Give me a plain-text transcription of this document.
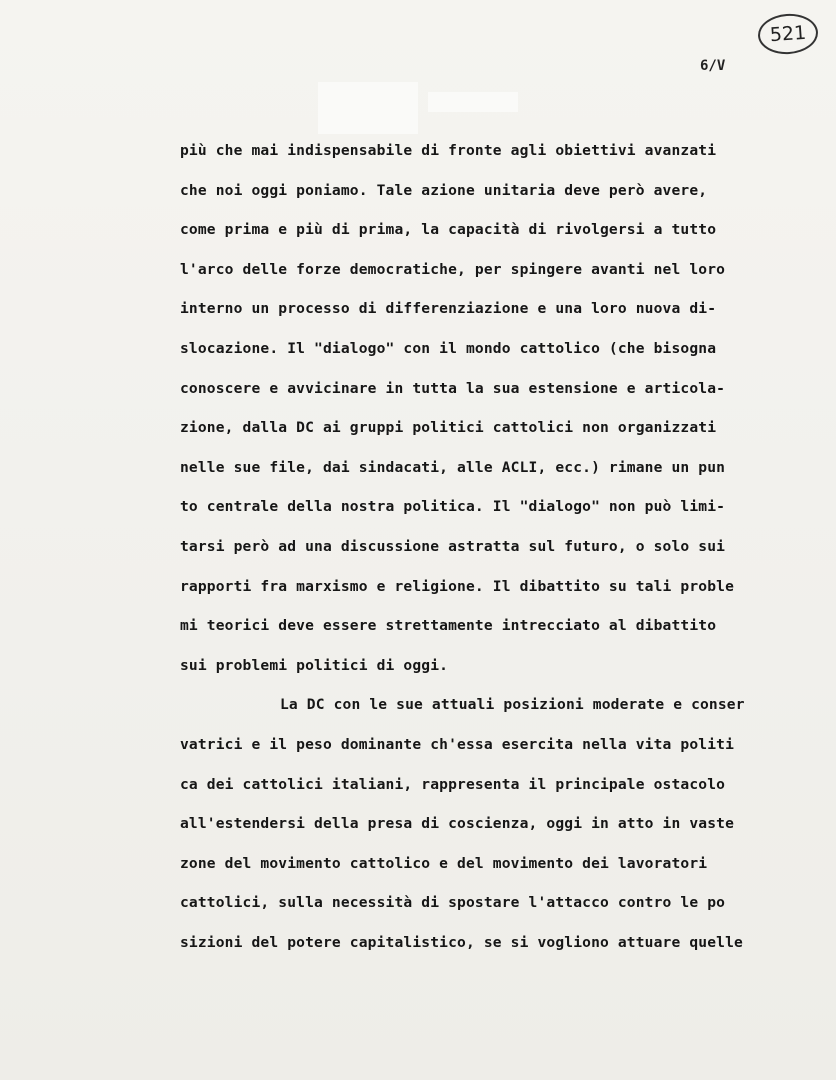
521
6/V
più che mai indispensabile di fronte agli obiettivi avanzati
che noi oggi poniamo. Tale azione unitaria deve però avere,
come prima e più di prima, la capacità di rivolgersi a tutto
l'arco delle forze democratiche, per spingere avanti nel loro
interno un processo di differenziazione e una loro nuova di-
slocazione. Il "dialogo" con il mondo cattolico (che bisogna
conoscere e avvicinare in tutta la sua estensione e articola-
zione, dalla DC ai gruppi politici cattolici non organizzati
nelle sue file, dai sindacati, alle ACLI, ecc.) rimane un pun
to centrale della nostra politica. Il "dialogo" non può limi-
tarsi però ad una discussione astratta sul futuro, o solo sui
rapporti fra marxismo e religione. Il dibattito su tali proble
mi teorici deve essere strettamente intrecciato al dibattito
sui problemi politici di oggi.
La DC con le sue attuali posizioni moderate e conser
vatrici e il peso dominante ch'essa esercita nella vita politi
ca dei cattolici italiani, rappresenta il principale ostacolo
all'estendersi della presa di coscienza, oggi in atto in vaste
zone del movimento cattolico e del movimento dei lavoratori
cattolici, sulla necessità di spostare l'attacco contro le po
sizioni del potere capitalistico, se si vogliono attuare quelle
